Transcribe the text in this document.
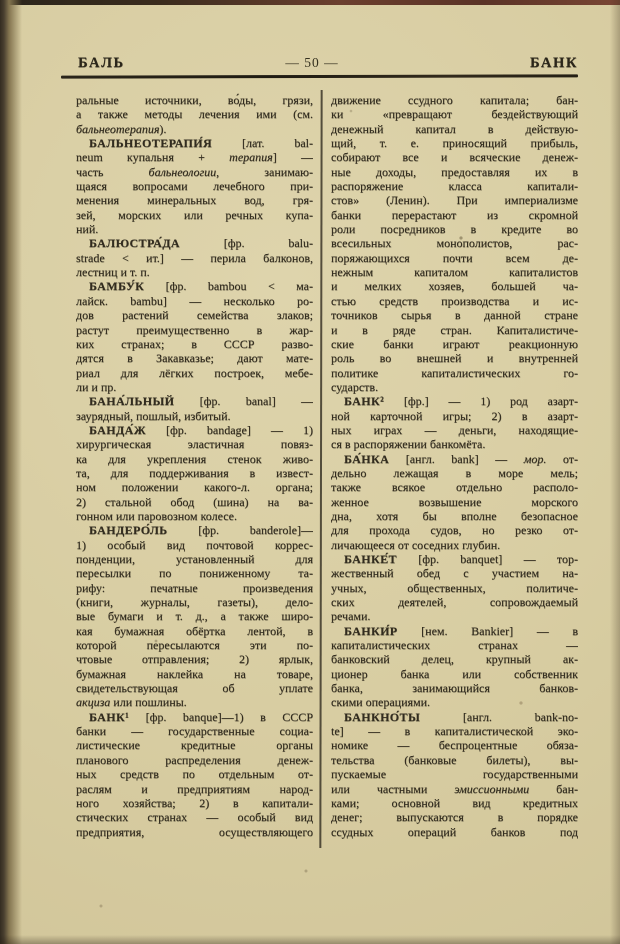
БАЛЬ	— 50 —	БАНК
ральные источники, во́ды, грязи,
а также методы лечения ими (см.
бальнеотерапия).
БАЛЬНЕОТЕРАПИ́Я [лат. bal-
neum купальня + терапия] —
часть бальнеологии, занимаю-
щаяся вопросами лечебного при-
менения минеральных вод, гря-
зей, морских или речных купа-
ний.
БАЛЮСТРА́ДА [фр. balu-
strade < ит.] — перила балконов,
лестниц и т. п.
БАМБУ́К [фр. bambou < ма-
лайск. bambu] — несколько ро-
дов растений семейства злаков;
растут преимущественно в жар-
ких странах; в СССР разво-
дятся в Закавказье; дают мате-
риал для лёгких построек, мебе-
ли и пр.
БАНА́ЛЬНЫЙ [фр. banal] —
заурядный, пошлый, избитый.
БАНДА́Ж [фр. bandage] — 1)
хирургическая эластичная повяз-
ка для укрепления стенок живо-
та, для поддерживания в извест-
ном положении какого-л. органа;
2) стальной обод (шина) на ва-
гонном или паровозном колесе.
БАНДЕРО́ЛЬ [фр. banderole]—
1) особый вид почтовой коррес-
понденции, установленный для
пересылки по пониженному та-
рифу: печатные произведения
(книги, журналы, газеты), дело-
вые бумаги и т. д., а также широ-
кая бумажная обёртка лентой, в
которой пересылаются эти по-
чтовые отправления; 2) ярлык,
бумажная наклейка на товаре,
свидетельствующая об уплате
акциза или пошлины.
БАНК¹ [фр. banque]—1) в СССР
банки — государственные социа-
листические кредитные органы
планового распределения денеж-
ных средств по отдельным от-
раслям и предприятиям народ-
ного хозяйства; 2) в капитали-
стических странах — особый вид
предприятия, осуществляющего
движение ссудного капитала; бан-
ки «превращают бездействующий
денежный капитал в действую-
щий, т. е. приносящий прибыль,
собирают все и всяческие денеж-
ные доходы, предоставляя их в
распоряжение класса капитали-
стов» (Ленин). При империализме
банки перерастают из скромной
роли посредников в кредите во
всесильных монополистов, рас-
поряжающихся почти всем де-
нежным капиталом капиталистов
и мелких хозяев, большей ча-
стью средств производства и ис-
точников сырья в данной стране
и в ряде стран. Капиталистиче-
ские банки играют реакционную
роль во внешней и внутренней
политике капиталистических го-
сударств.
БАНК² [фр.] — 1) род азарт-
ной карточной игры; 2) в азарт-
ных играх — деньги, находящие-
ся в распоряжении банкомёта.
БА́НКА [англ. bank] — мор. от-
дельно лежащая в море мель;
также всякое отдельно располо-
женное возвышение морского
дна, хотя бы вполне безопасное
для прохода судов, но резко от-
личающееся от соседних глубин.
БАНКЕ́Т [фр. banquet] — тор-
жественный обед с участием на-
учных, общественных, политиче-
ских деятелей, сопровождаемый
речами.
БАНКИ́Р [нем. Bankier] — в
капиталистических странах —
банковский делец, крупный ак-
ционер банка или собственник
банка, занимающийся банков-
скими операциями.
БАНКНО́ТЫ [англ. bank-no-
te] — в капиталистической эко-
номике — беспроцентные обяза-
тельства (банковые билеты), вы-
пускаемые государственными
или частными эмиссионными бан-
ками; основной вид кредитных
денег; выпускаются в порядке
ссудных операций банков под
